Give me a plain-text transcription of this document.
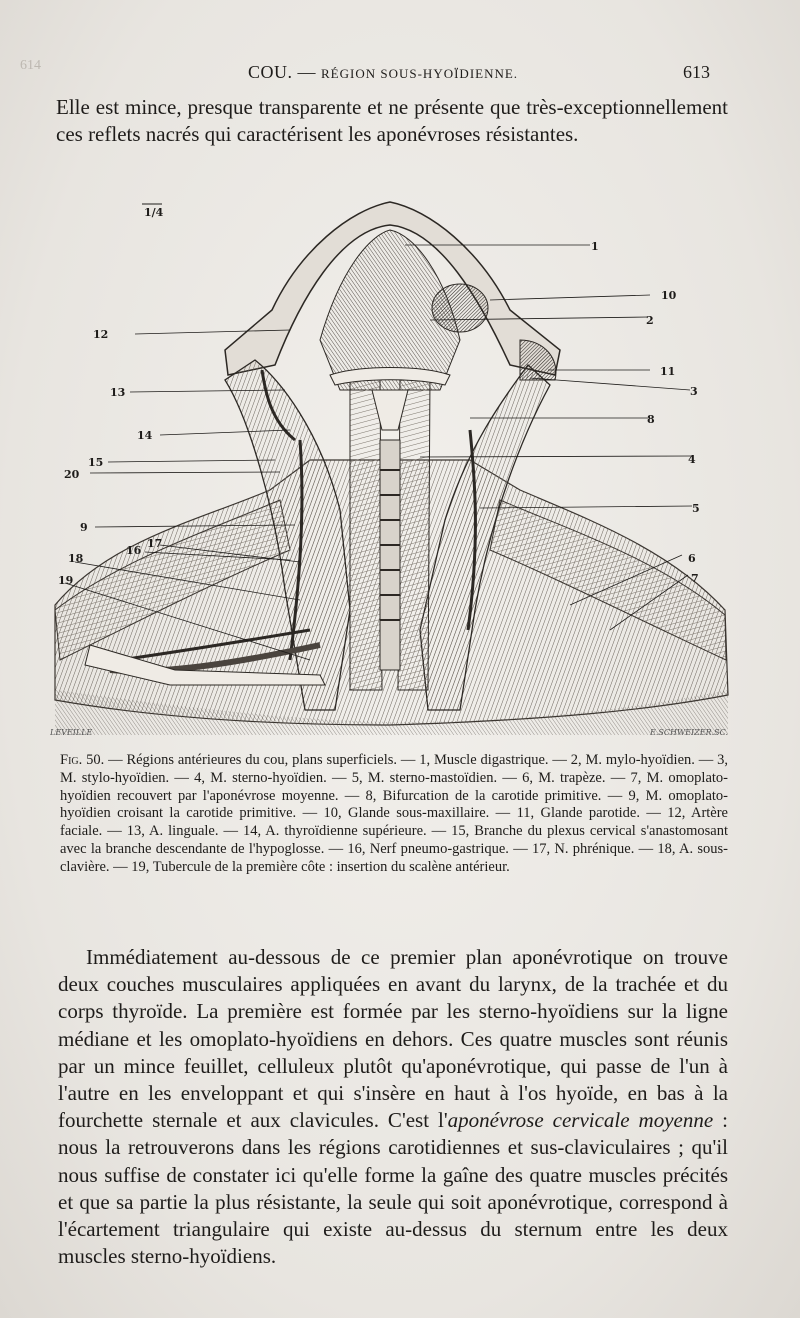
614	COU. — RÉGION SOUS-HYOÏDIENNE.	613
Elle est mince, presque transparente et ne présente que très-exceptionnellement ces reflets nacrés qui caractérisent les aponévroses résistantes.
1
2
3
4
5
6
7
8
9
10
11
12
13
14
15
16
17
18
19
20
1/4
LEVEILLE	E.SCHWEIZER.SC.
Fig. 50. — Régions antérieures du cou, plans superficiels. — 1, Muscle digastrique. — 2, M. mylo-hyoïdien. — 3, M. stylo-hyoïdien. — 4, M. sterno-hyoïdien. — 5, M. sterno-mastoïdien. — 6, M. trapèze. — 7, M. omoplato-hyoïdien recouvert par l'aponévrose moyenne. — 8, Bifurcation de la carotide primitive. — 9, M. omoplato-hyoïdien croisant la carotide primitive. — 10, Glande sous-maxillaire. — 11, Glande parotide. — 12, Artère faciale. — 13, A. linguale. — 14, A. thyroïdienne supérieure. — 15, Branche du plexus cervical s'anastomosant avec la branche descendante de l'hypoglosse. — 16, Nerf pneumo-gastrique. — 17, N. phrénique. — 18, A. sous-clavière. — 19, Tubercule de la première côte : insertion du scalène antérieur.

Immédiatement au-dessous de ce premier plan aponévrotique on trouve deux couches musculaires appliquées en avant du larynx, de la trachée et du corps thyroïde. La première est formée par les sterno-hyoïdiens sur la ligne médiane et les omoplato-hyoïdiens en dehors. Ces quatre muscles sont réunis par un mince feuillet, celluleux plutôt qu'aponévrotique, qui passe de l'un à l'autre en les enveloppant et qui s'insère en haut à l'os hyoïde, en bas à la fourchette sternale et aux clavicules. C'est l'aponévrose cervicale moyenne : nous la retrouverons dans les régions carotidiennes et sus-claviculaires ; qu'il nous suffise de constater ici qu'elle forme la gaîne des quatre muscles précités et que sa partie la plus résistante, la seule qui soit aponévrotique, correspond à l'écartement triangulaire qui existe au-dessus du sternum entre les deux muscles sterno-hyoïdiens.
